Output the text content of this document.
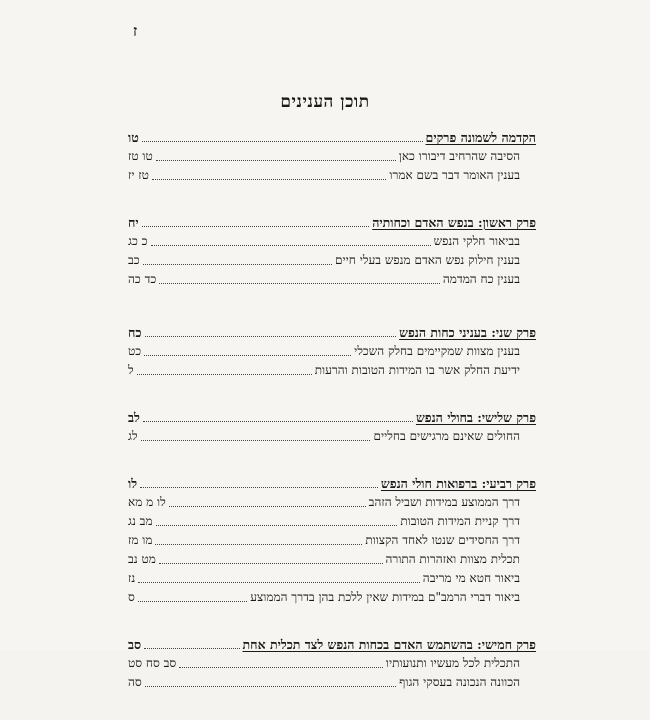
ז
תוכן הענינים
הקדמה לשמונה פרקים
טו
הסיבה שהרחיב דיבורו כאן
טו טז
בענין האומר דבר בשם אמרו
טז יז
פרק ראשון: בנפש האדם וכחותיה
יח
בביאור חלקי הנפש
כ כג
בענין חילוק נפש האדם מנפש בעלי חיים
כב
בענין כח המדמה
כד כה
פרק שני: בעניני כחות הנפש
כח
בענין מצוות שמקיימים בחלק השכלי
כט
ידיעת החלק אשר בו המידות הטובות והרעות
ל
פרק שלישי: בחולי הנפש
לב
החולים שאינם מרגישים בחליים
לג
פרק רביעי: ברפואות חולי הנפש
לו
דרך הממוצע במידות ושביל הזהב
לו מ מא
דרך קניית המידות הטובות
מב נג
דרך החסידים שנטו לאחד הקצוות
מו מז
תכלית מצוות ואזהרות התורה
מט נב
ביאור חטא מי מריבה
נז
ביאור דברי הרמב"ם במידות שאין ללכת בהן בדרך הממוצע
ס
פרק חמישי: בהשתמש האדם בכחות הנפש לצד תכלית אחת
סב
התכלית לכל מעשיו ותנועותיו
סב סח סט
הכוונה הנכונה בעסקי הגוף
סה
